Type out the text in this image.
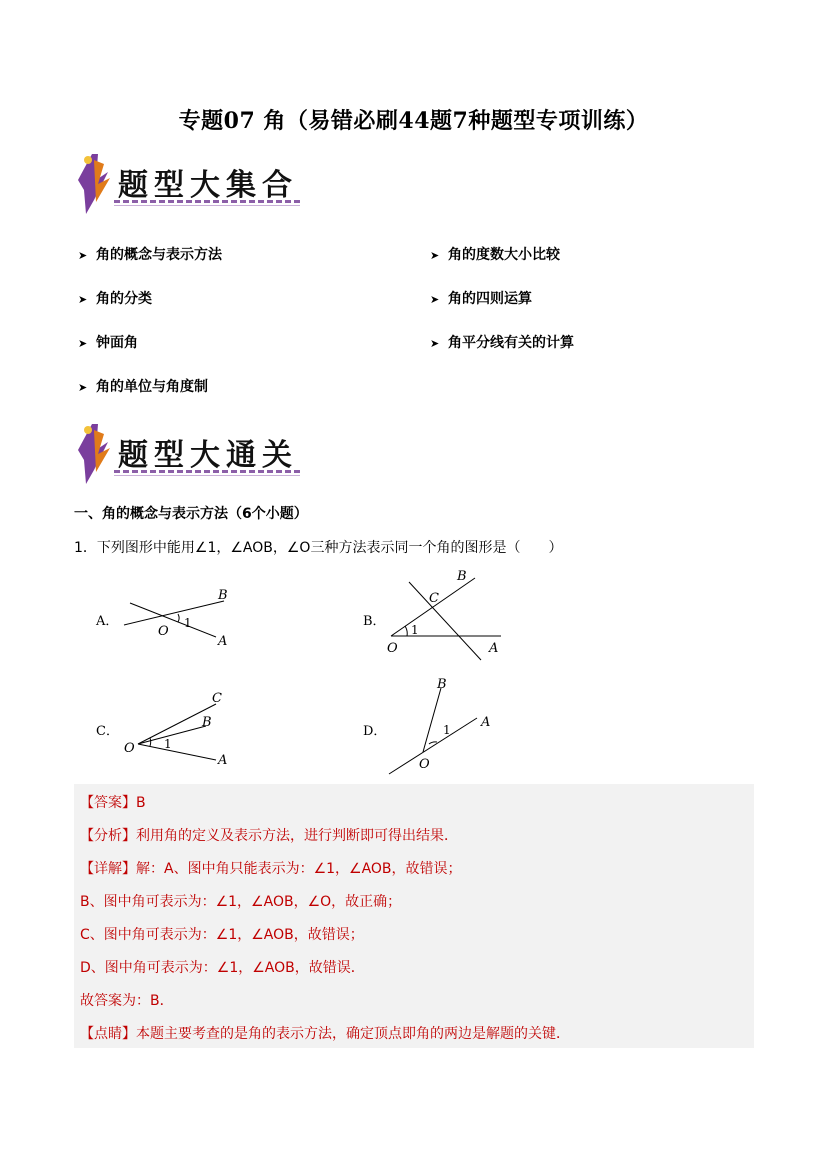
专题07 角（易错必刷44题7种题型专项训练）
题型大集合
➤ 角的概念与表示方法	➤ 角的度数大小比较
➤ 角的分类	➤ 角的四则运算
➤ 钟面角	➤ 角平分线有关的计算
➤ 角的单位与角度制
题型大通关
一、角的概念与表示方法（6个小题）
1．下列图形中能用∠1，∠AOB，∠O三种方法表示同一个角的图形是（　　）
A．
O
1
B
A
B．
O
1
C
B
A
C．
O 1
C
B
A
D．
O
1
B
A
【答案】B
【分析】利用角的定义及表示方法，进行判断即可得出结果．
【详解】解：A、图中角只能表示为：∠1，∠AOB，故错误；
B、图中角可表示为：∠1，∠AOB，∠O，故正确；
C、图中角可表示为：∠1，∠AOB，故错误；
D、图中角可表示为：∠1，∠AOB，故错误．
故答案为：B．
【点睛】本题主要考查的是角的表示方法，确定顶点即角的两边是解题的关键．
